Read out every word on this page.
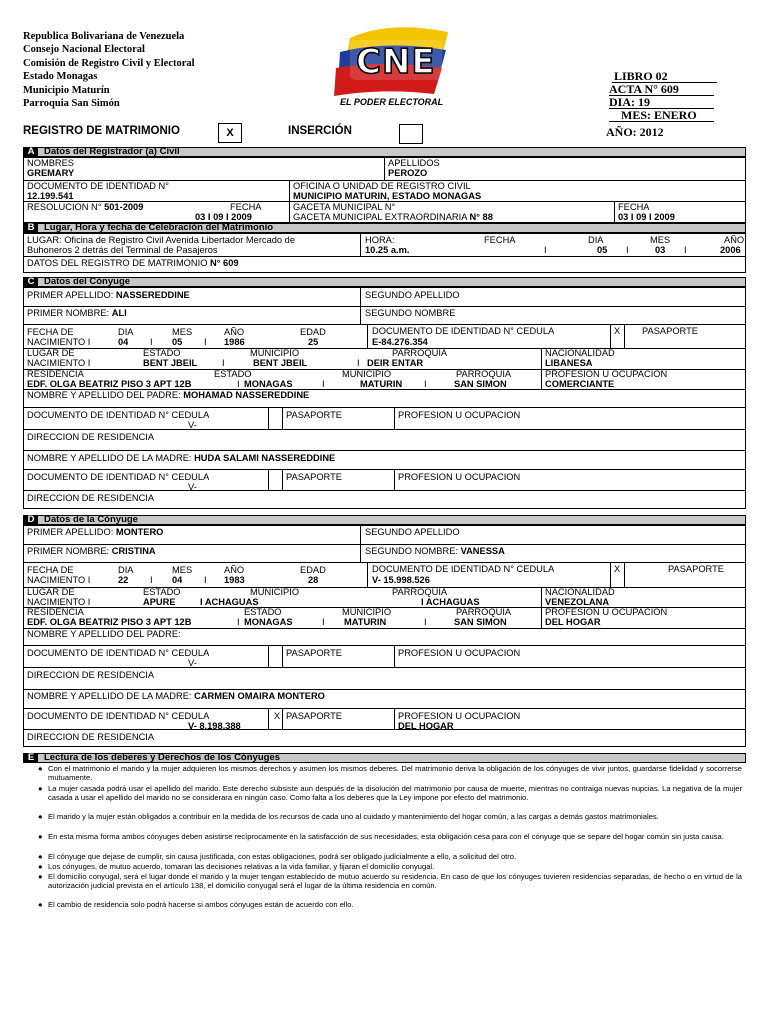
Republica Bolivariana de Venezuela
Consejo Nacional Electoral
Comisión de Registro Civil y Electoral
Estado Monagas
Municipio Maturín
Parroquia San Simón
CNE
EL PODER ELECTORAL
LIBRO 02
ACTA N° 609
DIA: 19
MES: ENERO
AÑO: 2012
REGISTRO DE MATRIMONIO	X	INSERCIÓN
A Datos del Registrador (a) Civil
NOMBRES
GREMARY
APELLIDOS
PEROZO
DOCUMENTO DE IDENTIDAD N°
12.199.541
OFICINA O UNIDAD DE REGISTRO CIVIL
MUNICIPIO MATURIN, ESTADO MONAGAS
RESOLUCION N° 501-2009	FECHA
03 I 09 I 2009
GACETA MUNICIPAL N°
GACETA MUNICIPAL EXTRAORDINARIA N° 88
FECHA
03 I 09 I 2009
B Lugar, Hora y fecha de Celebración del Matrimonio
LUGAR: Oficina de Registro Civil Avenida Libertador Mercado de
Buhoneros 2 detrás del Terminal de Pasajeros
HORA:
10.25 a.m.
FECHA	DIA	MES	AÑO
I	05 I	03 I	2006
DATOS DEL REGISTRO DE MATRIMONIO N° 609
C Datos del Cónyuge
PRIMER APELLIDO: NASSEREDDINE	SEGUNDO APELLIDO
PRIMER NOMBRE: ALI	SEGUNDO NOMBRE
FECHA DE
NACIMIENTO I
DIA	MES	AÑO
04 I 05 I 1986
EDAD
25
DOCUMENTO DE IDENTIDAD N° CEDULA
E-84.276.354
X PASAPORTE
LUGAR DE
NACIMIENTO I
ESTADO	MUNICIPIO	PARROQUIA
BENT JBEIL	I	BENT JBEIL	I DEIR ENTAR
NACIONALIDAD
LIBANESA
RESIDENCIA	ESTADO	MUNICIPIO	PARROQUIA
EDF. OLGA BEATRIZ PISO 3 APT 12B	I MONAGAS	I	MATURIN I	SAN SIMON
PROFESION U OCUPACION
COMERCIANTE
NOMBRE Y APELLIDO DEL PADRE: MOHAMAD NASSEREDDINE
DOCUMENTO DE IDENTIDAD N° CEDULA
V-
PASAPORTE	PROFESION U OCUPACION
DIRECCION DE RESIDENCIA
NOMBRE Y APELLIDO DE LA MADRE: HUDA SALAMI NASSEREDDINE
DOCUMENTO DE IDENTIDAD N° CEDULA
V-
PASAPORTE	PROFESION U OCUPACION
DIRECCION DE RESIDENCIA
D Datos de la Cónyuge
PRIMER APELLIDO: MONTERO	SEGUNDO APELLIDO
PRIMER NOMBRE: CRISTINA	SEGUNDO NOMBRE: VANESSA
FECHA DE
NACIMIENTO I
DIA	MES	AÑO
22 I 04 I 1983
EDAD
28
DOCUMENTO DE IDENTIDAD N° CEDULA
V- 15.998.526
X	PASAPORTE
LUGAR DE
NACIMIENTO I
ESTADO	MUNICIPIO	PARROQUIA
APURE	I ACHAGUAS	I ACHAGUAS
NACIONALIDAD
VENEZOLANA
RESIDENCIA	ESTADO	MUNICIPIO	PARROQUIA
EDF. OLGA BEATRIZ PISO 3 APT 12B	I MONAGAS	I MATURIN	I	SAN SIMON
PROFESION U OCUPACION
DEL HOGAR
NOMBRE Y APELLIDO DEL PADRE:
DOCUMENTO DE IDENTIDAD N° CEDULA
V-
PASAPORTE	PROFESION U OCUPACION
DIRECCION DE RESIDENCIA
NOMBRE Y APELLIDO DE LA MADRE: CARMEN OMAIRA MONTERO
DOCUMENTO DE IDENTIDAD N° CEDULA
V- 8.198.388
X PASAPORTE	PROFESION U OCUPACION
DEL HOGAR
DIRECCION DE RESIDENCIA
E Lectura de los deberes y Derechos de los Cónyuges
● Con el matrimonio el marido y la mujer adquieren los mismos derechos y asumen los mismos deberes. Del matrimonio deriva la obligación de los cónyuges de vivir juntos, guardarse fidelidad y socorrerse mutuamente.

● La mujer casada podrá usar el apellido del marido. Este derecho subsiste aun después de la disolución del matrimonio por causa de muerte, mientras no contraiga nuevas nupcias. La negativa de la mujer casada a usar el apellido del marido no se considerara en ningún caso. Como falta a los deberes que la Ley impone por efecto del matrimonio.

● El marido y la mujer están obligados a contribuir en la medida de los recursos de cada uno al cuidado y mantenimiento del hogar común, a las cargas a demás gastos matrimoniales.

● En esta misma forma ambos cónyuges deben asistirse recíprocamente en la satisfacción de sus necesidades, esta obligación cesa para con el cónyuge que se separe del hogar común sin justa causa.

● El cónyuge que dejase de cumplir, sin causa justificada, con estas obligaciones, podrá ser obligado judicialmente a ello, a solicitud del otro.

● Los cónyuges, de mutuo acuerdo, tomaran las decisiones relativas a la vida familiar, y fijaran el domicilio conyugal.

● El domicilio conyugal, será el lugar donde el marido y la mujer tengan establecido de mutuo acuerdo su residencia. En caso de que los cónyuges tuvieren residencias separadas, de hecho o en virtud de la autorización judicial prevista en el artículo 138, el domicilio conyugal será el lugar de la última residencia en común.

● El cambio de residencia solo podrá hacerse si ambos cónyuges están de acuerdo con ello.
